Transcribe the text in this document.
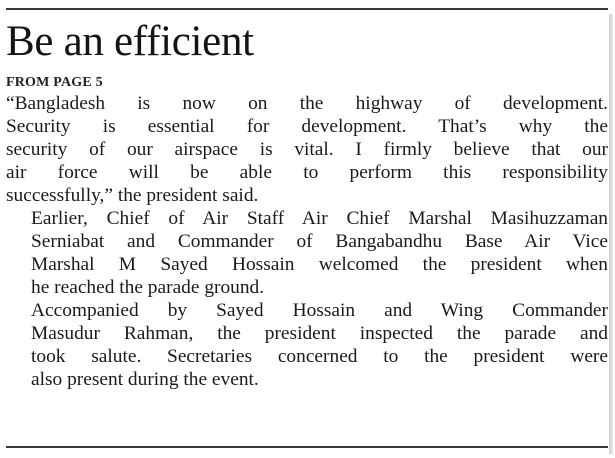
Be an efficient

FROM PAGE 5

“Bangladesh is now on the highway of development.
Security is essential for development. That’s why the
security of our airspace is vital. I firmly believe that our
air force will be able to perform this responsibility
successfully,” the president said.

Earlier, Chief of Air Staff Air Chief Marshal Masihuzzaman
Serniabat and Commander of Bangabandhu Base Air Vice
Marshal M Sayed Hossain welcomed the president when
he reached the parade ground.

Accompanied by Sayed Hossain and Wing Commander
Masudur Rahman, the president inspected the parade and
took salute. Secretaries concerned to the president were
also present during the event.
